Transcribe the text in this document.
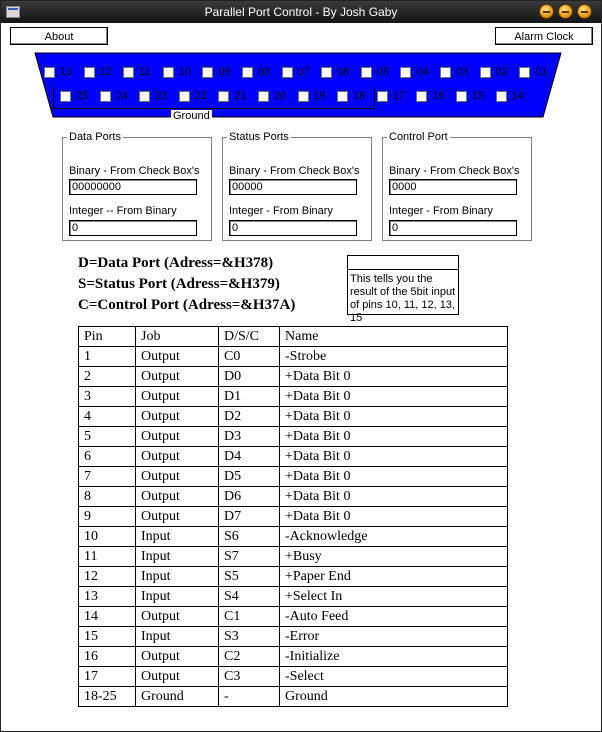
Parallel Port Control - By Josh Gaby
About	Alarm Clock
Ground
13 12 11	10 09 08 07 06 05 04 03 02 01
25 24 23 22 21 20 19 18 17 16 15 14
Data Ports
Binary - From Check Box's
00000000
Integer -- From Binary
0
Status Ports
Binary - From Check Box's
00000
Integer - From Binary
0
Control Port
Binary - From Check Box's
0000
Integer - From Binary
0
D=Data Port (Adress=&H378)
S=Status Port (Adress=&H379)
C=Control Port (Adress=&H37A)
This tells you the result of the 5bit input of pins 10, 11, 12, 13, 15
Pin	Job	D/S/C	Name
1	Output	C0	-Strobe
2	Output	D0	+Data Bit 0
3	Output	D1	+Data Bit 0
4	Output	D2	+Data Bit 0
5	Output	D3	+Data Bit 0
6	Output	D4	+Data Bit 0
7	Output	D5	+Data Bit 0
8	Output	D6	+Data Bit 0
9	Output	D7	+Data Bit 0
10	Input	S6	-Acknowledge
11	Input	S7	+Busy
12	Input	S5	+Paper End
13	Input	S4	+Select In
14	Output	C1	-Auto Feed
15	Input	S3	-Error
16	Output	C2	-Initialize
17	Output	C3	-Select
18-25	Ground	-	Ground
